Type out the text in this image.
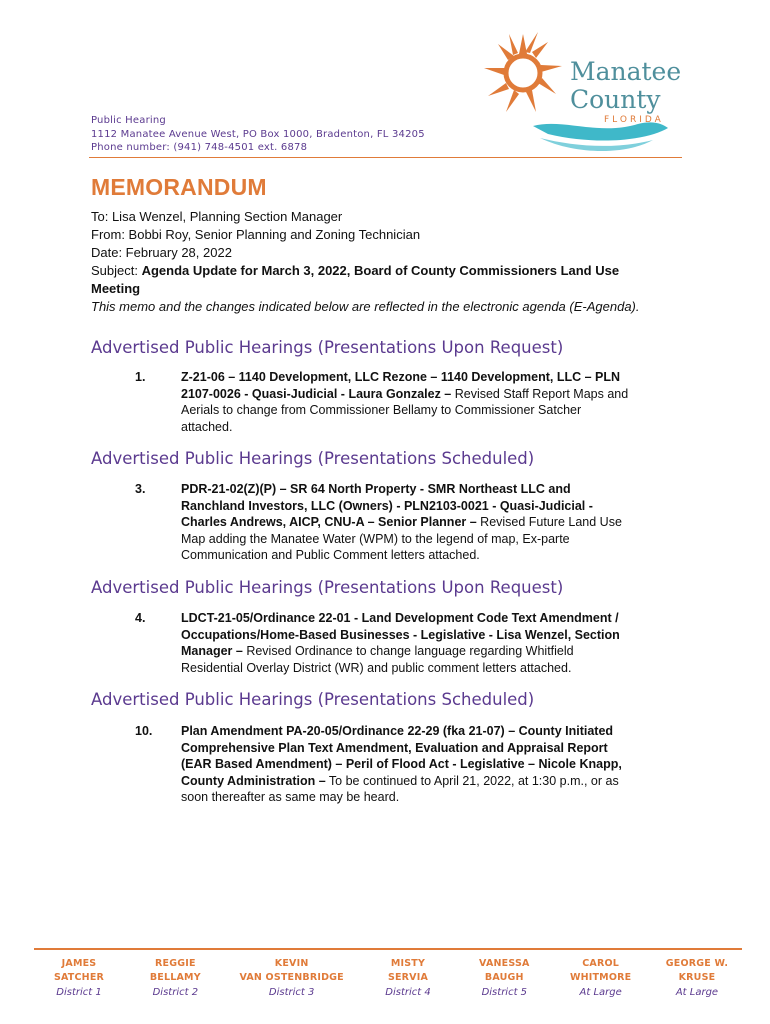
Manatee
County
FLORIDA
Public Hearing
1112 Manatee Avenue West, PO Box 1000, Bradenton, FL 34205
Phone number: (941) 748-4501 ext. 6878
MEMORANDUM
To: Lisa Wenzel, Planning Section Manager
From: Bobbi Roy, Senior Planning and Zoning Technician
Date: February 28, 2022
Subject: Agenda Update for March 3, 2022, Board of County Commissioners Land Use
Meeting
This memo and the changes indicated below are reflected in the electronic agenda (E-Agenda).
Advertised Public Hearings (Presentations Upon Request)
1.	Z-21-06 – 1140 Development, LLC Rezone – 1140 Development, LLC – PLN
2107-0026 - Quasi-Judicial - Laura Gonzalez – Revised Staff Report Maps and
Aerials to change from Commissioner Bellamy to Commissioner Satcher
attached.
Advertised Public Hearings (Presentations Scheduled)
3.	PDR-21-02(Z)(P) – SR 64 North Property - SMR Northeast LLC and
Ranchland Investors, LLC (Owners) - PLN2103-0021 - Quasi-Judicial -
Charles Andrews, AICP, CNU-A – Senior Planner – Revised Future Land Use
Map adding the Manatee Water (WPM) to the legend of map, Ex-parte
Communication and Public Comment letters attached.
Advertised Public Hearings (Presentations Upon Request)
4.	LDCT-21-05/Ordinance 22-01 - Land Development Code Text Amendment /
Occupations/Home-Based Businesses - Legislative - Lisa Wenzel, Section
Manager – Revised Ordinance to change language regarding Whitfield
Residential Overlay District (WR) and public comment letters attached.
Advertised Public Hearings (Presentations Scheduled)
10. Plan Amendment PA-20-05/Ordinance 22-29 (fka 21-07) – County Initiated
Comprehensive Plan Text Amendment, Evaluation and Appraisal Report
(EAR Based Amendment) – Peril of Flood Act - Legislative – Nicole Knapp,
County Administration – To be continued to April 21, 2022, at 1:30 p.m., or as
soon thereafter as same may be heard.
JAMES
SATCHER
District 1
REGGIE
BELLAMY
District 2
KEVIN
VAN OSTENBRIDGE
District 3
MISTY
SERVIA
District 4
VANESSA
BAUGH
District 5
CAROL
WHITMORE
At Large
GEORGE W.
KRUSE
At Large
